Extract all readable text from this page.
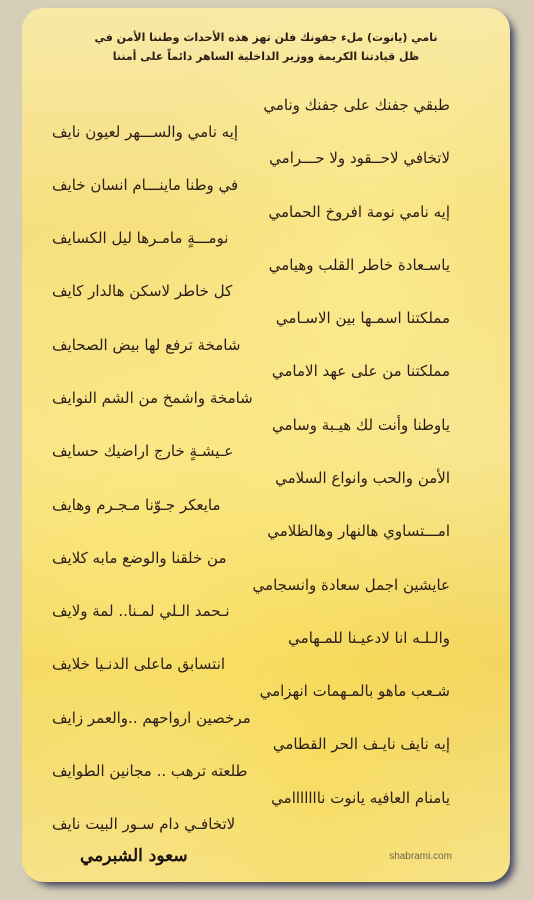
نامي (يانوت) ملء جفونك فلن تهز هذه الأحداث وطننا الأمن في
ظل قيادتنا الكريمة ووزير الداخلية الساهر دائماً على أمننا
طبقي جفنك على جفنك ونامي
إيه نامي والســـهر لعيون نايف
لاتخافي لاحــقود ولا حـــرامي
في وطنا ماينـــام انسان خايف
إيه نامي نومة افروخ الحمامي
نومـــةٍ مامـرها ليل الكسايف
ياسـعادة خاطر القلب وهيامي
كل خاطر لاسكن هالدار كايف
مملكتنا اسمـها بين الاسـامي
شامخة ترفع لها بيض الصحايف
مملكتنا من على عهد الامامي
شامخة واشمخ من الشم النوايف
ياوطنا وأنت لك هيـبة وسامي
عـيشـةٍ خارج اراضيك حسايف
الأمن والحب وانواع السلامي
مايعكر جـوّنا مـجـرم وهايف
امـــتساوي هالنهار وهالظلامي
من خلقنا والوضع مابه كلايف
عايشين اجمل سعادة وانسجامي
نـحمد الـلي لمـنا.. لمة ولايف
والـلـه انا لادعيـنا للمـهامي
انتسابق ماعلى الدنـيا خلايف
شـعب ماهو بالمـهمات انهزامي
مرخصين ارواحهم ..والعمر زايف
إيه نايف نايـف الحر القطامي
طلعته ترهب .. مجانين الطوايف
يامنام العافيه يانوت نااااااامي
لاتخافـي دام سـور البيت نايف
سعود الشبرمي	shabrami.com
